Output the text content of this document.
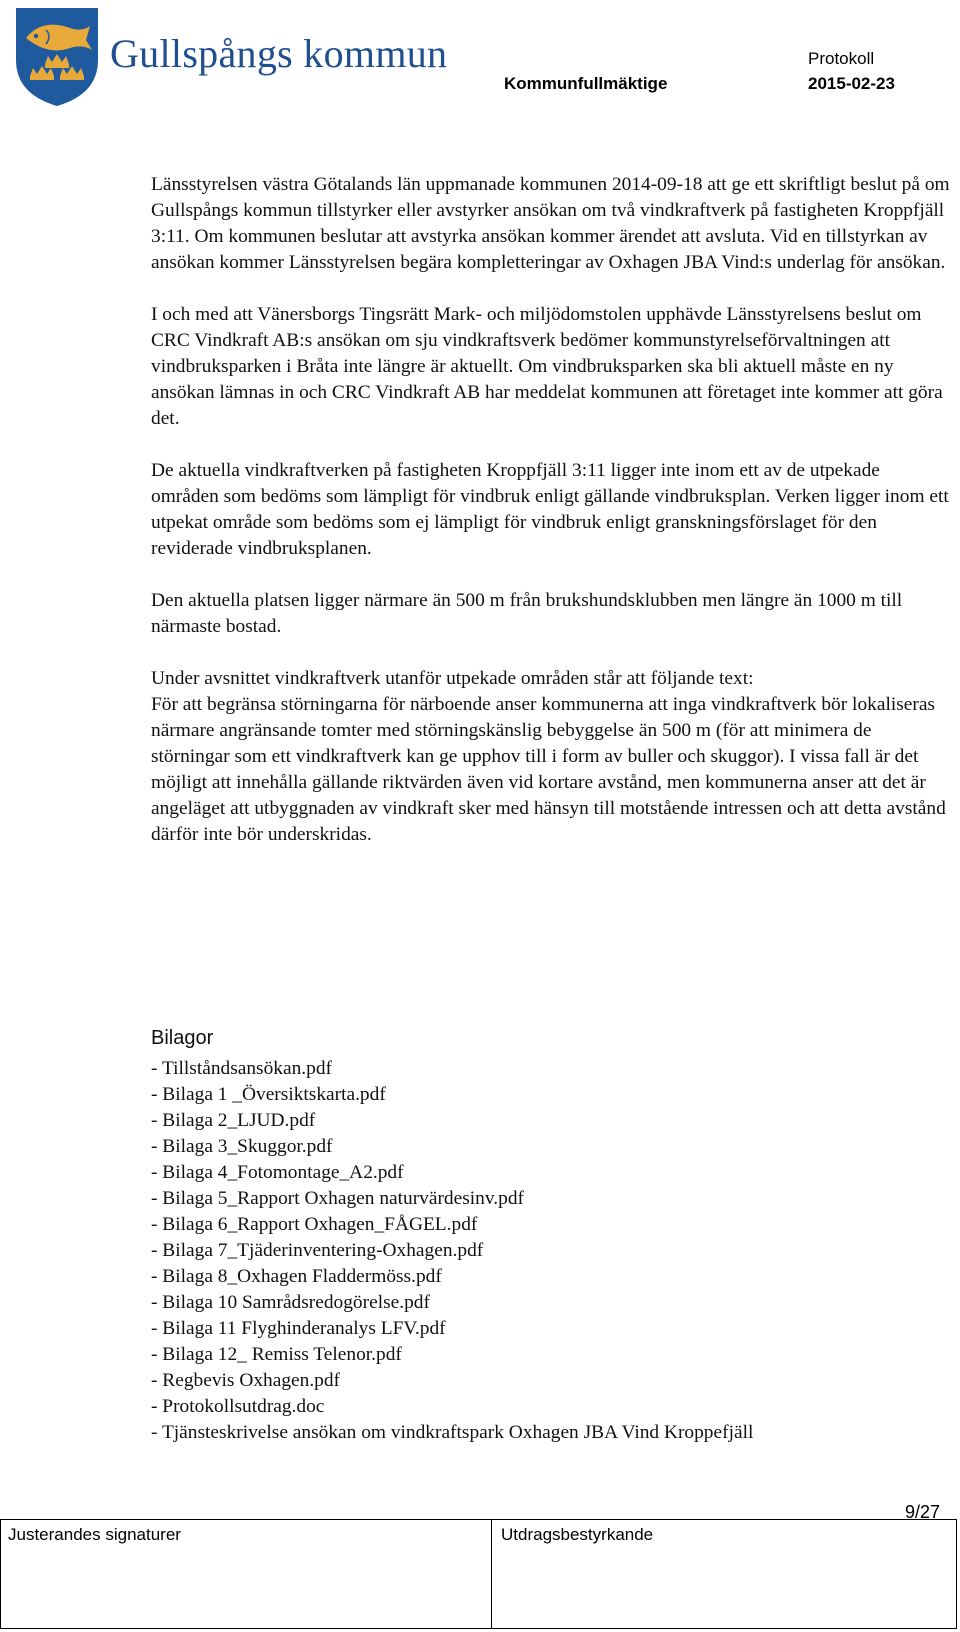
Gullspångs kommun	Protokoll
Kommunfullmäktige	2015-02-23

Länsstyrelsen västra Götalands län uppmanade kommunen 2014-09-18 att ge ett skriftligt beslut på om Gullspångs kommun tillstyrker eller avstyrker ansökan om två vindkraftverk på fastigheten Kroppfjäll 3:11. Om kommunen beslutar att avstyrka ansökan kommer ärendet att avsluta. Vid en tillstyrkan av ansökan kommer Länsstyrelsen begära kompletteringar av Oxhagen JBA Vind:s underlag för ansökan.

I och med att Vänersborgs Tingsrätt Mark- och miljödomstolen upphävde Länsstyrelsens beslut om CRC Vindkraft AB:s ansökan om sju vindkraftsverk bedömer kommunstyrelseförvaltningen att vindbruksparken i Bråta inte längre är aktuellt. Om vindbruksparken ska bli aktuell måste en ny ansökan lämnas in och CRC Vindkraft AB har meddelat kommunen att företaget inte kommer att göra det.

De aktuella vindkraftverken på fastigheten Kroppfjäll 3:11 ligger inte inom ett av de utpekade områden som bedöms som lämpligt för vindbruk enligt gällande vindbruksplan. Verken ligger inom ett utpekat område som bedöms som ej lämpligt för vindbruk enligt granskningsförslaget för den reviderade vindbruksplanen.

Den aktuella platsen ligger närmare än 500 m från brukshundsklubben men längre än 1000 m till närmaste bostad.

Under avsnittet vindkraftverk utanför utpekade områden står att följande text:

För att begränsa störningarna för närboende anser kommunerna att inga vindkraftverk bör lokaliseras närmare angränsande tomter med störningskänslig bebyggelse än 500 m (för att minimera de störningar som ett vindkraftverk kan ge upphov till i form av buller och skuggor). I vissa fall är det möjligt att innehålla gällande riktvärden även vid kortare avstånd, men kommunerna anser att det är angeläget att utbyggnaden av vindkraft sker med hänsyn till motstående intressen och att detta avstånd därför inte bör underskridas.

Bilagor
- Tillståndsansökan.pdf
- Bilaga 1 _Översiktskarta.pdf
- Bilaga 2_LJUD.pdf
- Bilaga 3_Skuggor.pdf
- Bilaga 4_Fotomontage_A2.pdf
- Bilaga 5_Rapport Oxhagen naturvärdesinv.pdf
- Bilaga 6_Rapport Oxhagen_FÅGEL.pdf
- Bilaga 7_Tjäderinventering-Oxhagen.pdf
- Bilaga 8_Oxhagen Fladdermöss.pdf
- Bilaga 10 Samrådsredogörelse.pdf
- Bilaga 11 Flyghinderanalys LFV.pdf
- Bilaga 12_ Remiss Telenor.pdf
- Regbevis Oxhagen.pdf
- Protokollsutdrag.doc
- Tjänsteskrivelse ansökan om vindkraftspark Oxhagen JBA Vind Kroppefjäll
9/27
Justerandes signaturer	Utdragsbestyrkande
